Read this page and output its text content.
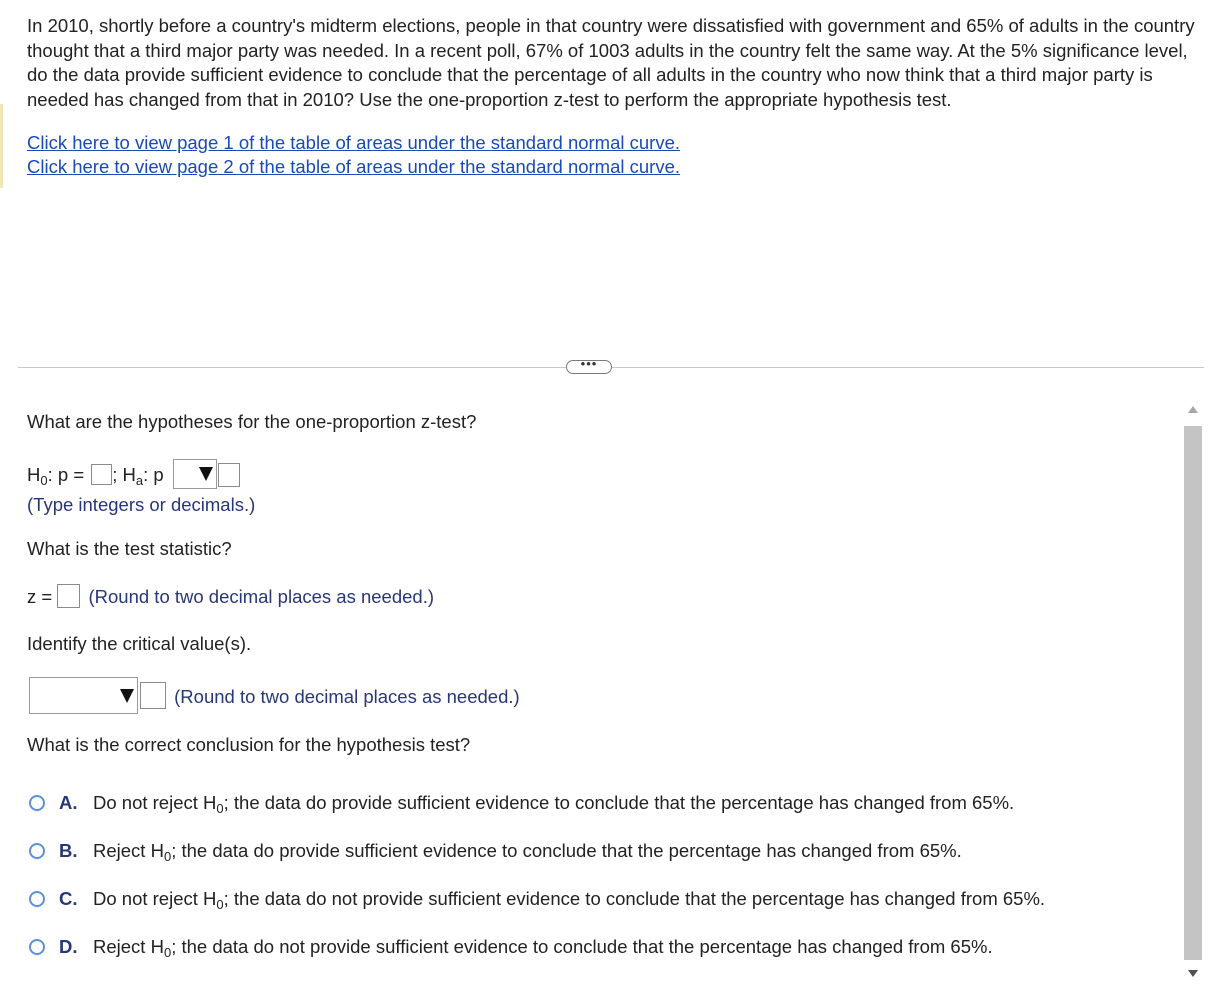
In 2010, shortly before a country's midterm elections, people in that country were dissatisfied with government and 65% of adults in the country thought that a third major party was needed. In a recent poll, 67% of 1003 adults in the country felt the same way. At the 5% significance level, do the data provide sufficient evidence to conclude that the percentage of all adults in the country who now think that a third major party is needed has changed from that in 2010? Use the one-proportion z-test to perform the appropriate hypothesis test.
Click here to view page 1 of the table of areas under the standard normal curve.
Click here to view page 2 of the table of areas under the standard normal curve.
•••
What are the hypotheses for the one-proportion z-test?
$H_0$: p = ; $H_a$: p
(Type integers or decimals.)
What is the test statistic?
z = (Round to two decimal places as needed.)
Identify the critical value(s).
(Round to two decimal places as needed.)
What is the correct conclusion for the hypothesis test?
A. Do not reject $H_0$; the data do provide sufficient evidence to conclude that the percentage has changed from 65%.
B. Reject $H_0$; the data do provide sufficient evidence to conclude that the percentage has changed from 65%.
C. Do not reject $H_0$; the data do not provide sufficient evidence to conclude that the percentage has changed from 65%.
D. Reject $H_0$; the data do not provide sufficient evidence to conclude that the percentage has changed from 65%.
